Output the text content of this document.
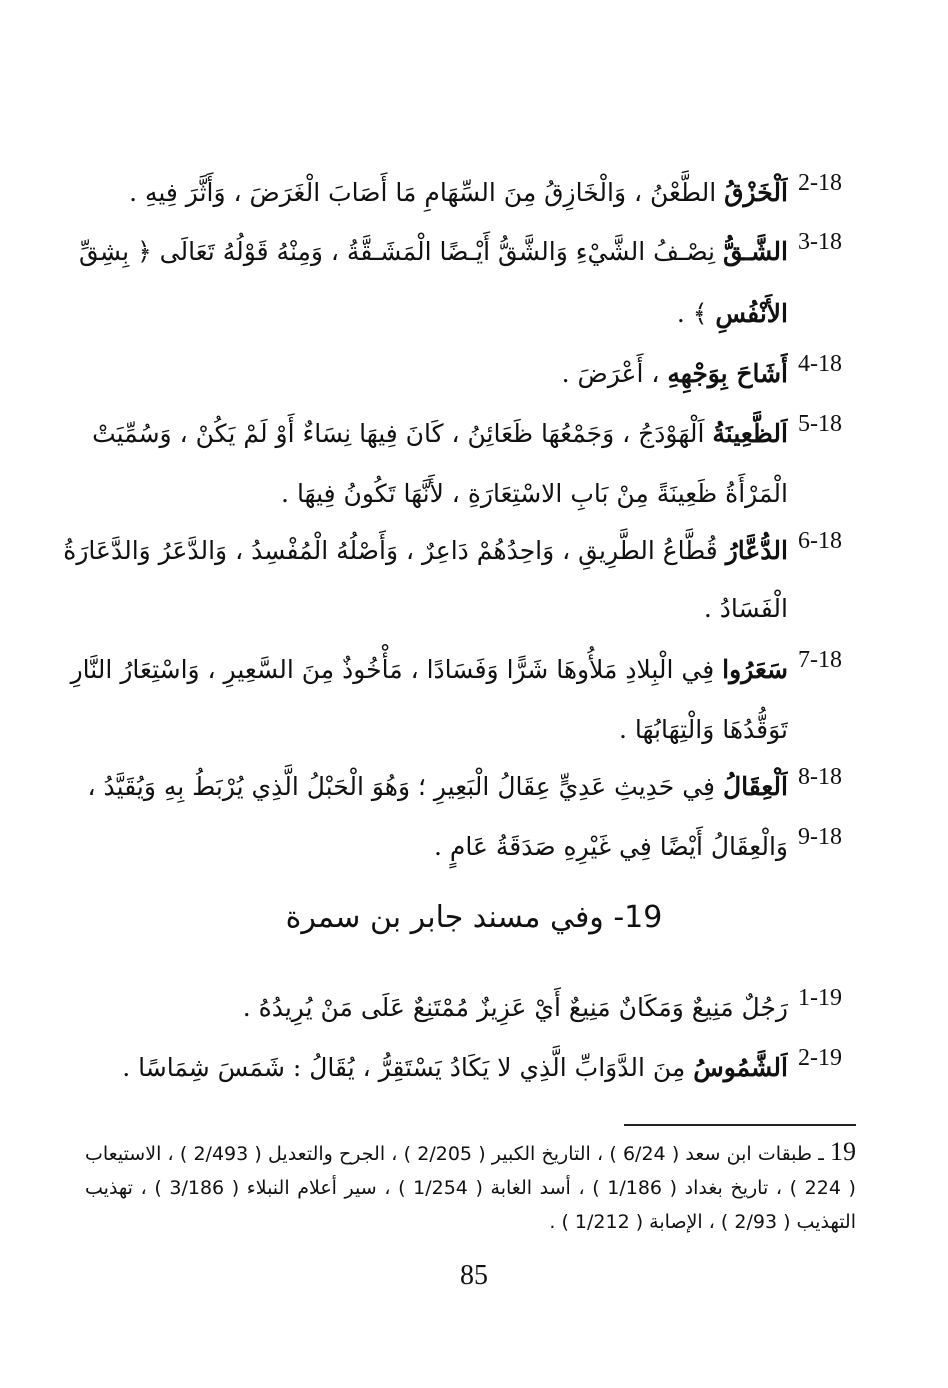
2-18
اَلْخَزْقُ الطَّعْنُ ، وَالْخَازِقُ مِنَ السِّهَامِ مَا أَصَابَ الْغَرَضَ ، وَأَثَّرَ فِيهِ .
3-18
الشَّـقُّ نِصْـفُ الشَّيْءِ وَالشَّقُّ أَيْـضًا الْمَشَـقَّةُ ، وَمِنْهُ قَوْلُهُ تَعَالَى ﴿ بِشِقِّ
الأَنْفُسِ ﴾ .
4-18
أَشَاحَ بِوَجْهِهِ ، أَعْرَضَ .
5-18
اَلظَّعِينَةُ اَلْهَوْدَجُ ، وَجَمْعُهَا ظَعَائِنُ ، كَانَ فِيهَا نِسَاءٌ أَوْ لَمْ يَكُنْ ، وَسُمِّيَتْ
الْمَرْأَةُ ظَعِينَةً مِنْ بَابِ الاسْتِعَارَةِ ، لأَنَّهَا تَكُونُ فِيهَا .
6-18
الدُّعَّارُ قُطَّاعُ الطَّرِيقِ ، وَاحِدُهُمْ دَاعِرٌ ، وَأَصْلُهُ الْمُفْسِدُ ، وَالدَّعَرُ وَالدَّعَارَةُ
الْفَسَادُ .
7-18
سَعَرُوا فِي الْبِلادِ مَلأُوهَا شَرًّا وَفَسَادًا ، مَأْخُوذٌ مِنَ السَّعِيرِ ، وَاسْتِعَارُ النَّارِ
تَوَقُّدُهَا وَالْتِهَابُهَا .
8-18
اَلْعِقَالُ فِي حَدِيثِ عَدِيٍّ عِقَالُ الْبَعِيرِ ؛ وَهُوَ الْحَبْلُ الَّذِي يُرْبَطُ بِهِ وَيُقَيَّدُ ،
9-18
وَالْعِقَالُ أَيْضًا فِي غَيْرِهِ صَدَقَةُ عَامٍ .
19- وفي مسند جابر بن سمرة
1-19
رَجُلٌ مَنِيعٌ وَمَكَانٌ مَنِيعٌ أَيْ عَزِيزٌ مُمْتَنِعٌ عَلَى مَنْ يُرِيدُهُ .
2-19
اَلشَّمُوسُ مِنَ الدَّوَابِّ الَّذِي لا يَكَادُ يَسْتَقِرُّ ، يُقَالُ : شَمَسَ شِمَاسًا .
19 ـ طبقات ابن سعد ( 6/24 ) ، التاريخ الكبير ( 2/205 ) ، الجرح والتعديل ( 2/493 ) ، الاستيعاب ( 224 ) ، تاريخ بغداد ( 1/186 ) ، أسد الغابة ( 1/254 ) ، سير أعلام النبلاء ( 3/186 ) ، تهذيب التهذيب ( 2/93 ) ، الإصابة ( 1/212 ) .
85
